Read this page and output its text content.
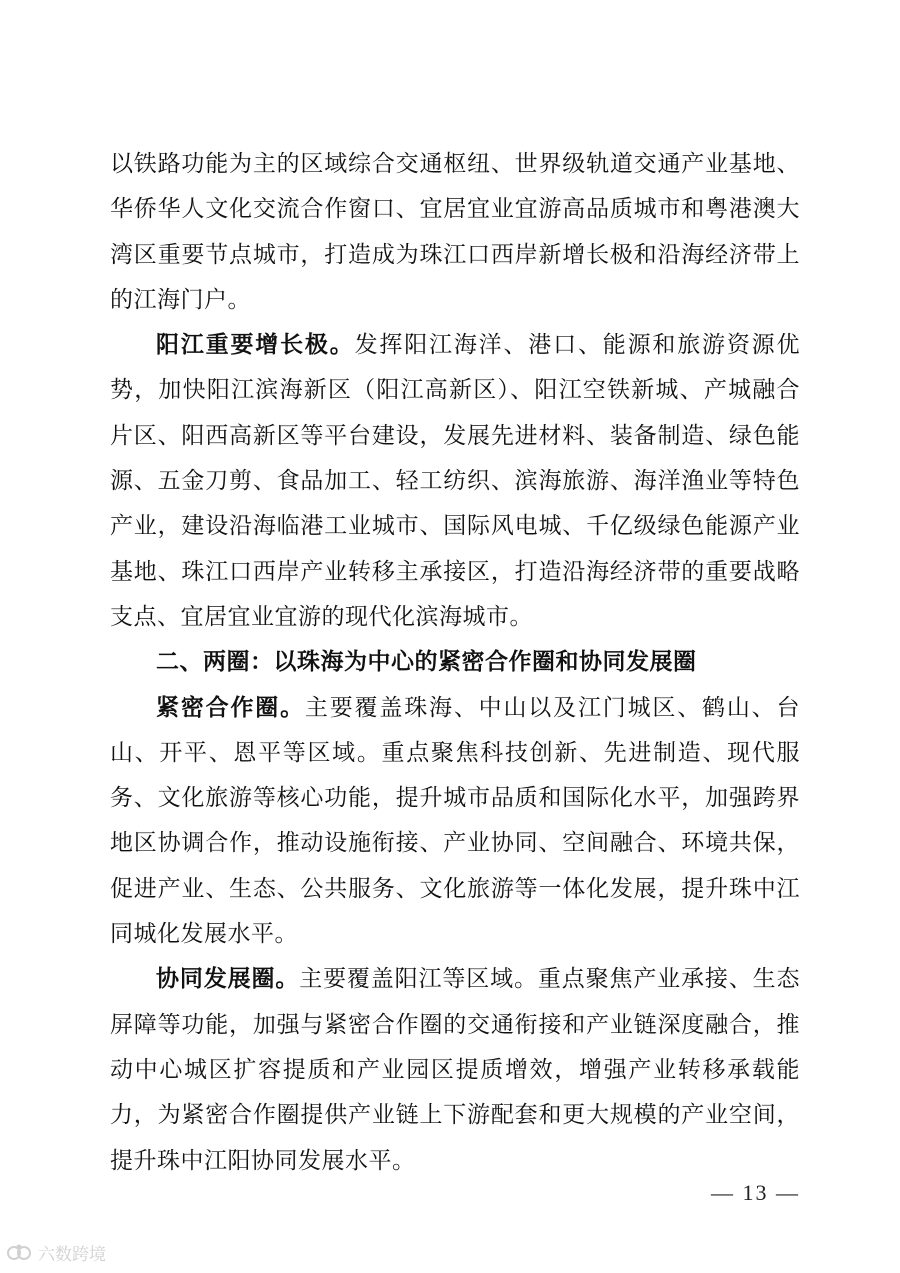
以铁路功能为主的区域综合交通枢纽、世界级轨道交通产业基地、华侨华人文化交流合作窗口、宜居宜业宜游高品质城市和粤港澳大湾区重要节点城市，打造成为珠江口西岸新增长极和沿海经济带上的江海门户。

阳江重要增长极。发挥阳江海洋、港口、能源和旅游资源优势，加快阳江滨海新区（阳江高新区）、阳江空铁新城、产城融合片区、阳西高新区等平台建设，发展先进材料、装备制造、绿色能源、五金刀剪、食品加工、轻工纺织、滨海旅游、海洋渔业等特色产业，建设沿海临港工业城市、国际风电城、千亿级绿色能源产业基地、珠江口西岸产业转移主承接区，打造沿海经济带的重要战略支点、宜居宜业宜游的现代化滨海城市。

二、两圈：以珠海为中心的紧密合作圈和协同发展圈

紧密合作圈。主要覆盖珠海、中山以及江门城区、鹤山、台山、开平、恩平等区域。重点聚焦科技创新、先进制造、现代服务、文化旅游等核心功能，提升城市品质和国际化水平，加强跨界地区协调合作，推动设施衔接、产业协同、空间融合、环境共保，促进产业、生态、公共服务、文化旅游等一体化发展，提升珠中江同城化发展水平。

协同发展圈。主要覆盖阳江等区域。重点聚焦产业承接、生态屏障等功能，加强与紧密合作圈的交通衔接和产业链深度融合，推动中心城区扩容提质和产业园区提质增效，增强产业转移承载能力，为紧密合作圈提供产业链上下游配套和更大规模的产业空间，提升珠中江阳协同发展水平。

— 13 —
六数跨境
